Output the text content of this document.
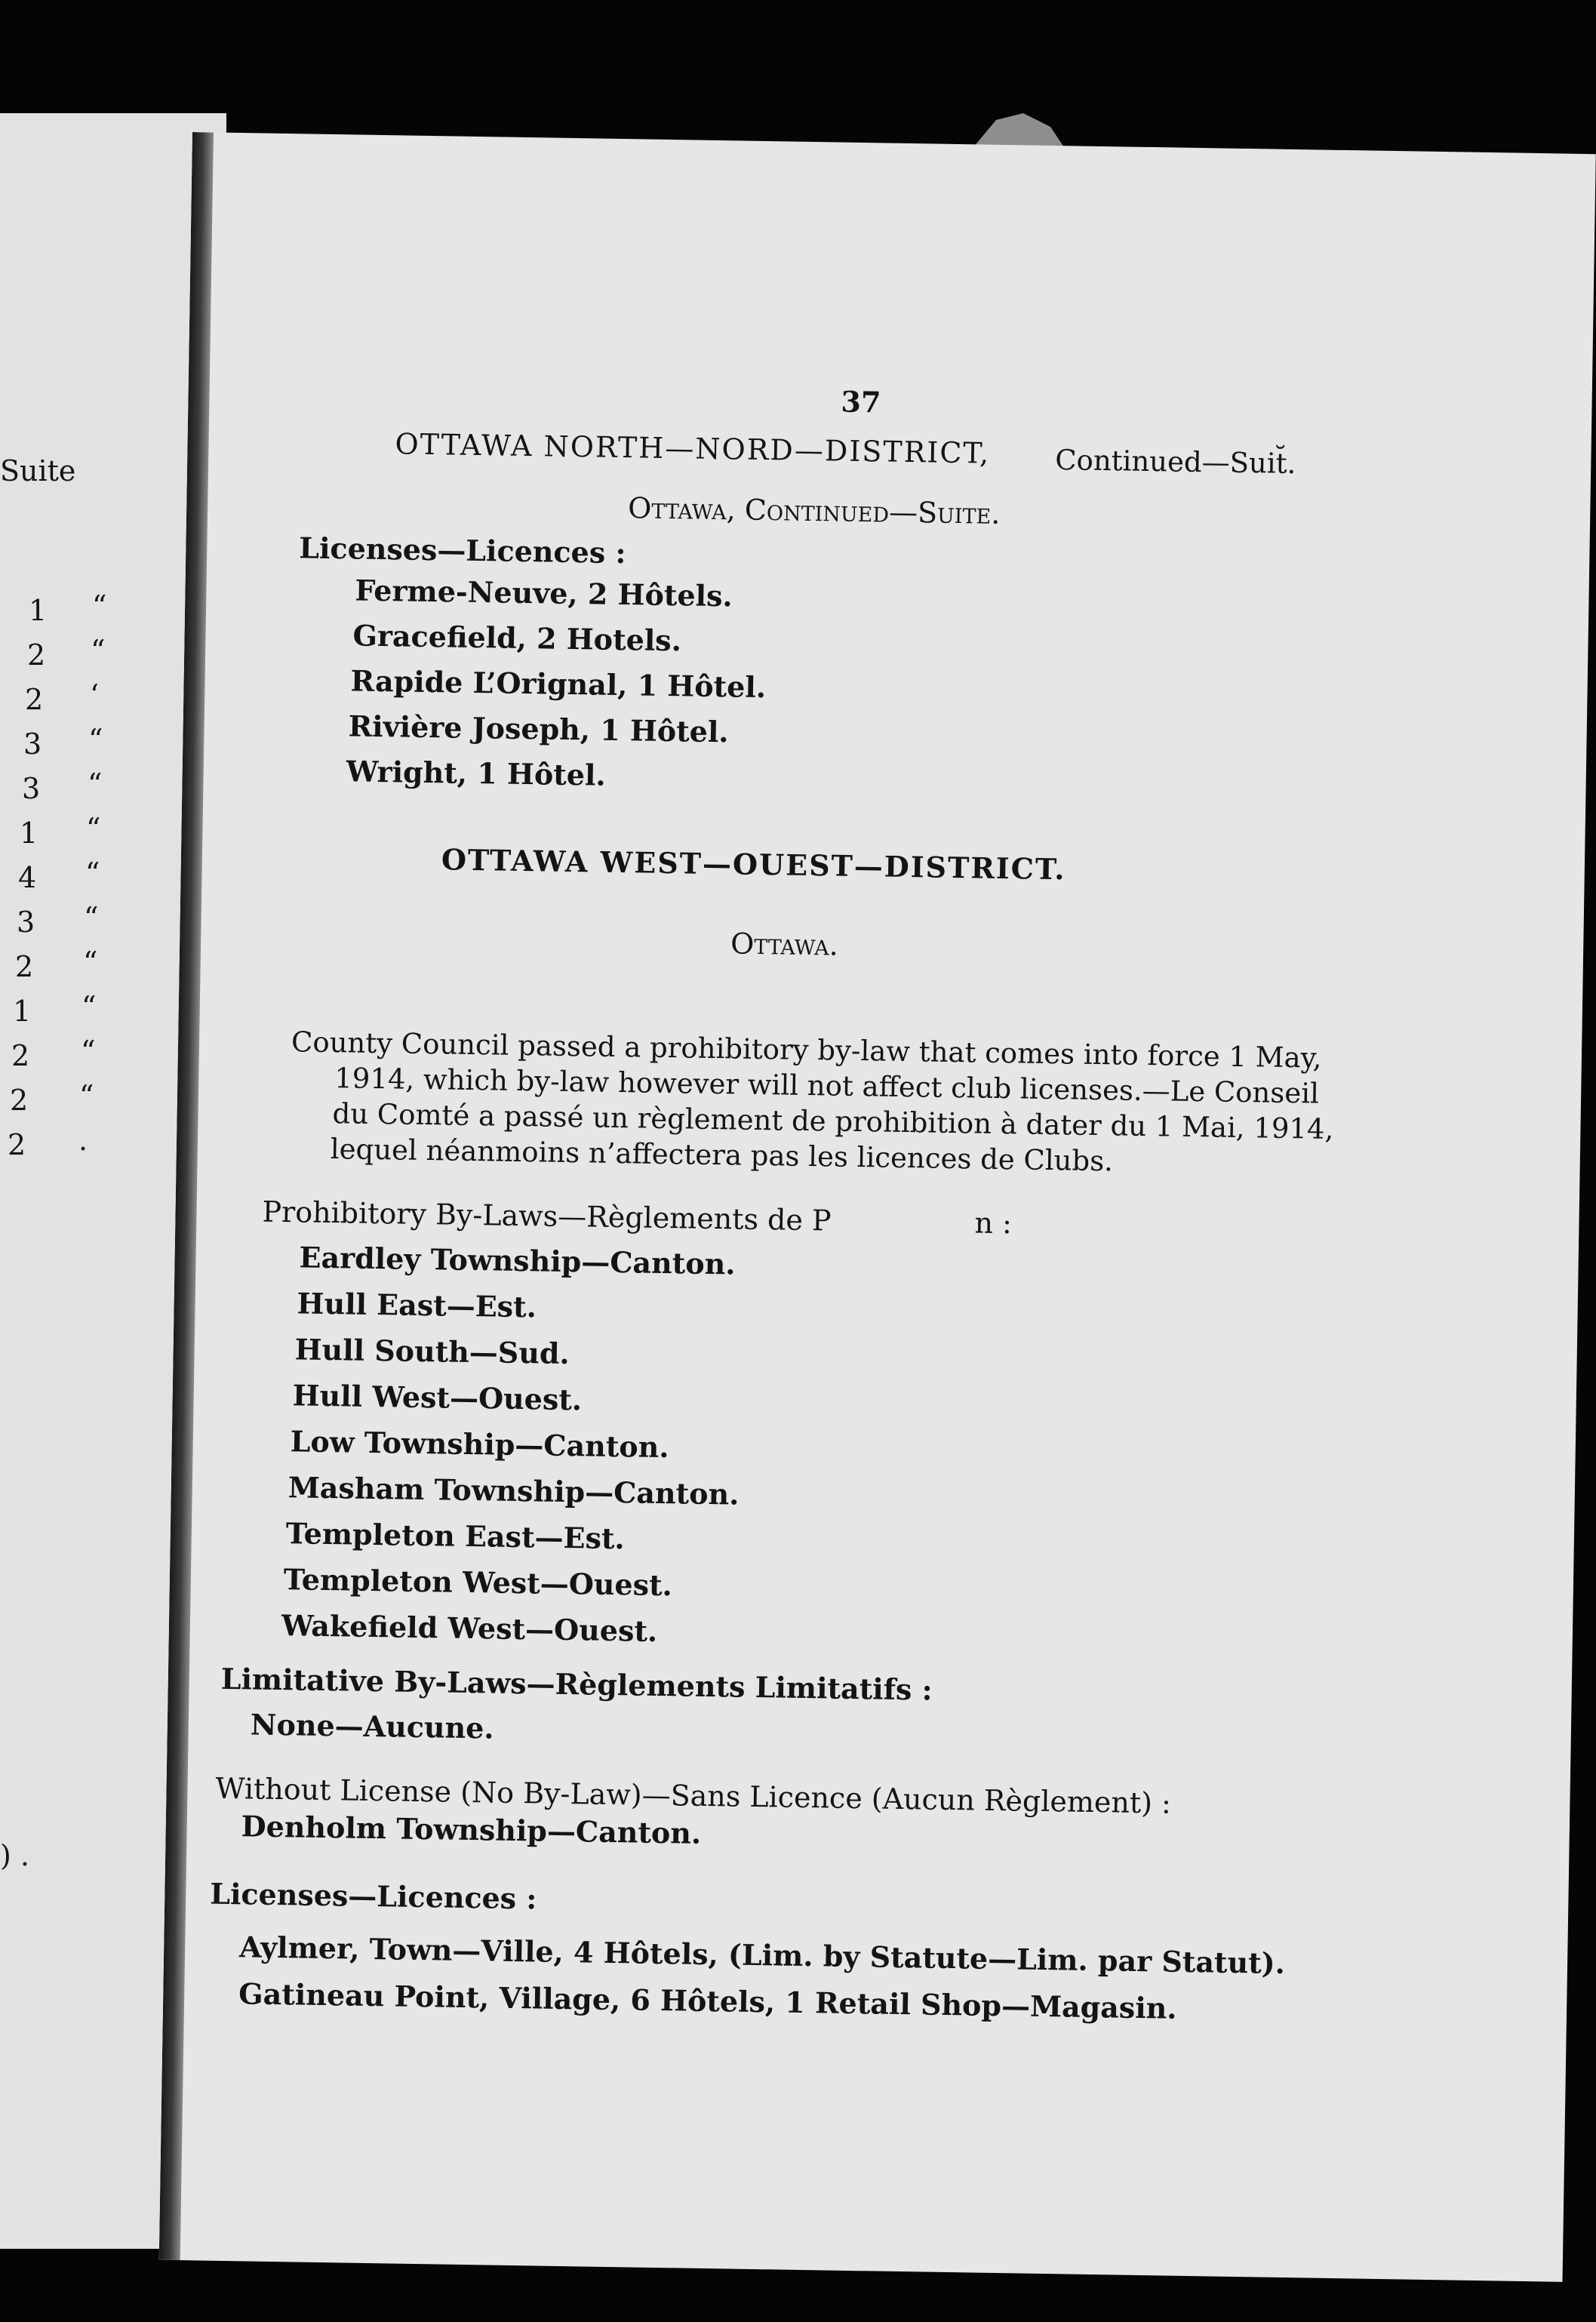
Suite
1 “
2 “
2 ‘
3 “
3 “
1 “
4 “
3 “
2 “
1 “
2 “
2 “
2 .
) .
37
OTTAWA NORTH—NORD—DISTRICT, Continued—Suit̆.
Ottawa, Continued—Suite.
Licenses—Licences :
Ferme-Neuve, 2 Hôtels.
Gracefield, 2 Hotels.
Rapide L’Orignal, 1 Hôtel.
Rivière Joseph, 1 Hôtel.
Wright, 1 Hôtel.
OTTAWA WEST—OUEST—DISTRICT.
Ottawa.
County Council passed a prohibitory by-law that comes into force 1 May,
1914, which by-law however will not affect club licenses.—Le Conseil
du Comté a passé un règlement de prohibition à dater du 1 Mai, 1914,
lequel néanmoins n’affectera pas les licences de Clubs.
Prohibitory By-Laws—Règlements de P	n :
Eardley Township—Canton.
Hull East—Est.
Hull South—Sud.
Hull West—Ouest.
Low Township—Canton.
Masham Township—Canton.
Templeton East—Est.
Templeton West—Ouest.
Wakefield West—Ouest.
Limitative By-Laws—Règlements Limitatifs :
None—Aucune.
Without License (No By-Law)—Sans Licence (Aucun Règlement) :
Denholm Township—Canton.
Licenses—Licences :
Aylmer, Town—Ville, 4 Hôtels, (Lim. by Statute—Lim. par Statut).
Gatineau Point, Village, 6 Hôtels, 1 Retail Shop—Magasin.
